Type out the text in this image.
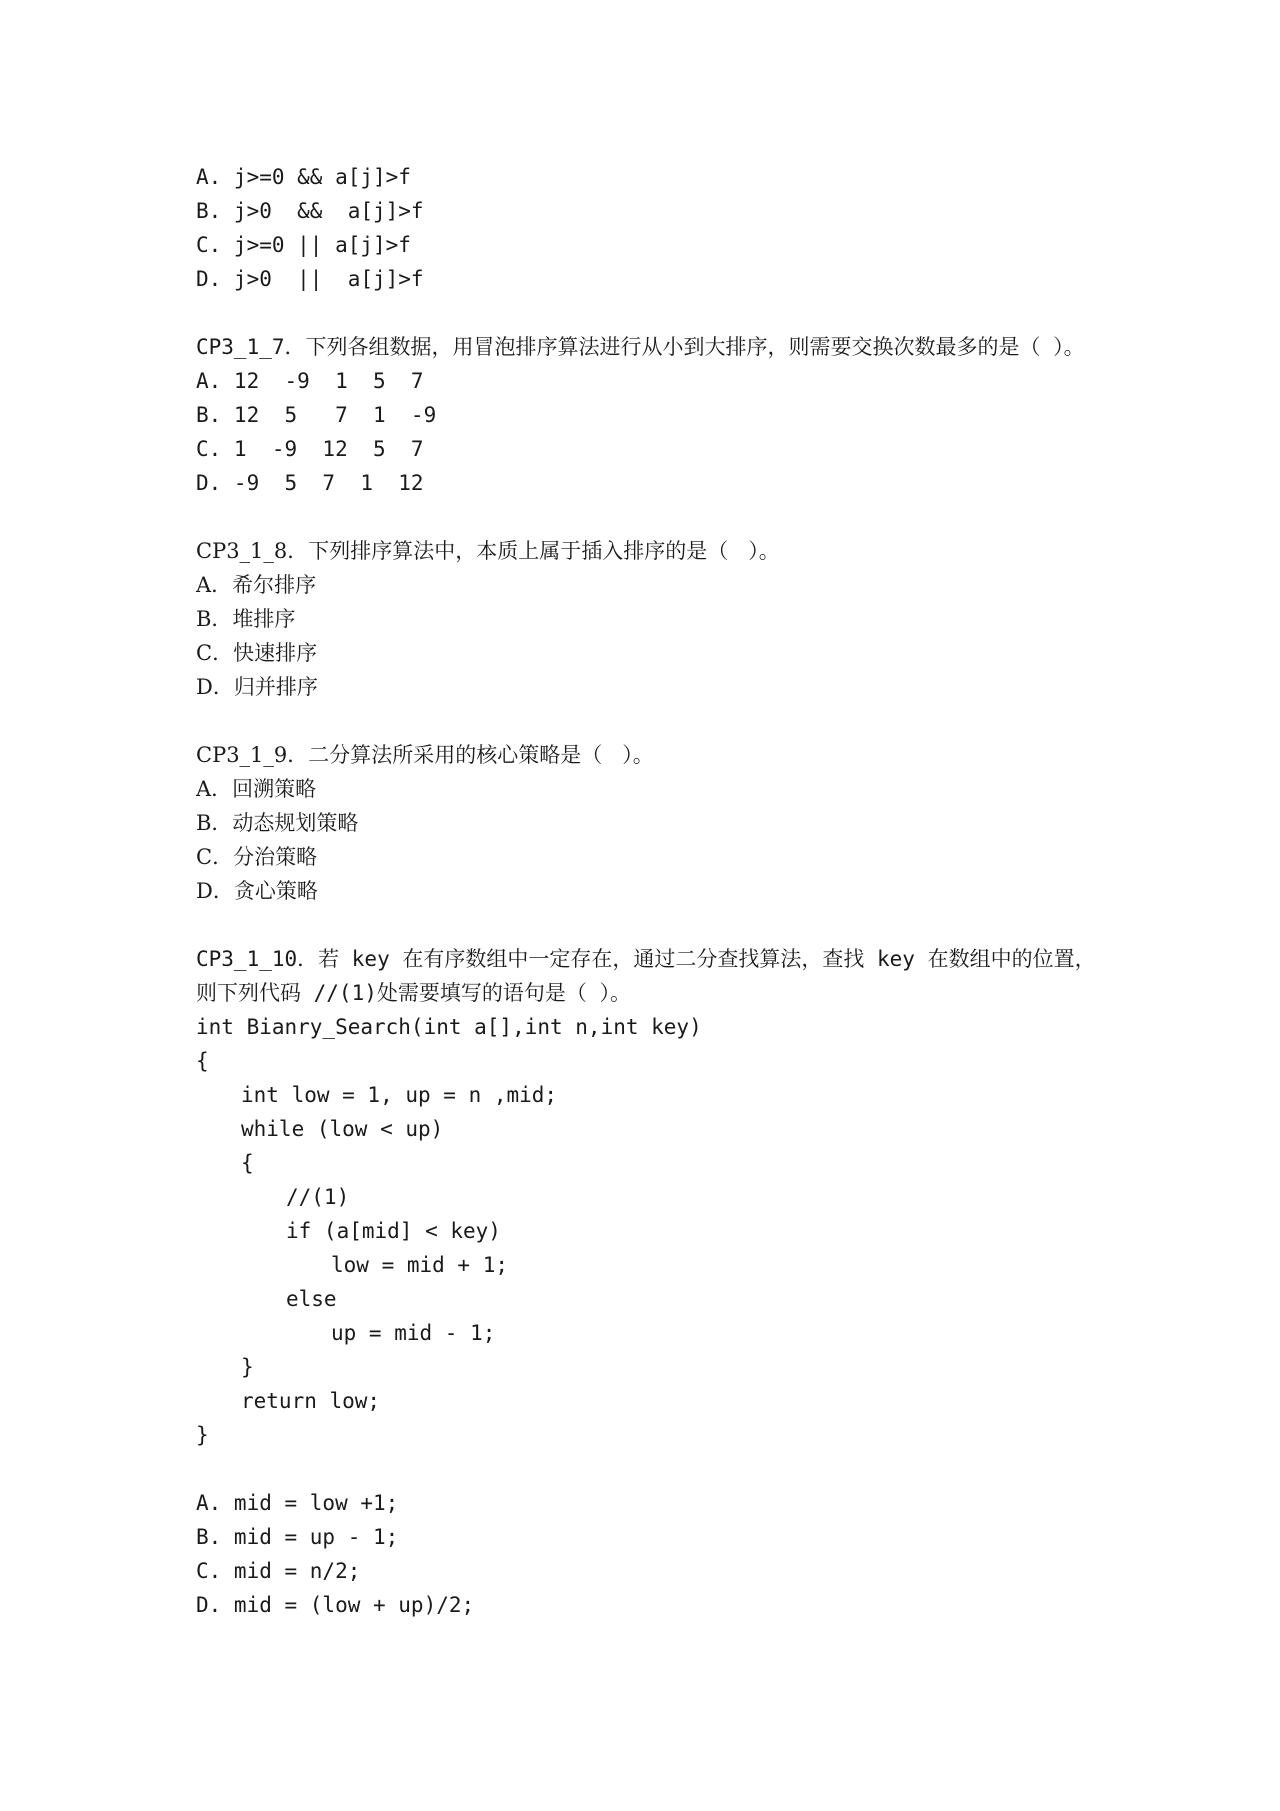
A. j>=0 && a[j]>f
B. j>0  &&  a[j]>f
C. j>=0 || a[j]>f
D. j>0  ||  a[j]>f
CP3_1_7．下列各组数据，用冒泡排序算法进行从小到大排序，则需要交换次数最多的是（ ）。
A. 12  -9  1  5  7
B. 12  5   7  1  -9
C. 1  -9  12  5  7
D. -9  5  7  1  12
CP3_1_8．下列排序算法中，本质上属于插入排序的是（   ）。
A．希尔排序
B．堆排序
C．快速排序
D．归并排序
CP3_1_9．二分算法所采用的核心策略是（   ）。
A．回溯策略
B．动态规划策略
C．分治策略
D．贪心策略
CP3_1_10．若 key 在有序数组中一定存在，通过二分查找算法，查找 key 在数组中的位置，则下列代码 //(1)处需要填写的语句是（ ）。
int Bianry_Search(int a[],int n,int key)
{
int low = 1, up = n ,mid;
while (low < up)
{
//(1)
if (a[mid] < key)
low = mid + 1;
else
up = mid - 1;
}
return low;
}
A. mid = low +1;
B. mid = up - 1;
C. mid = n/2;
D. mid = (low + up)/2;
